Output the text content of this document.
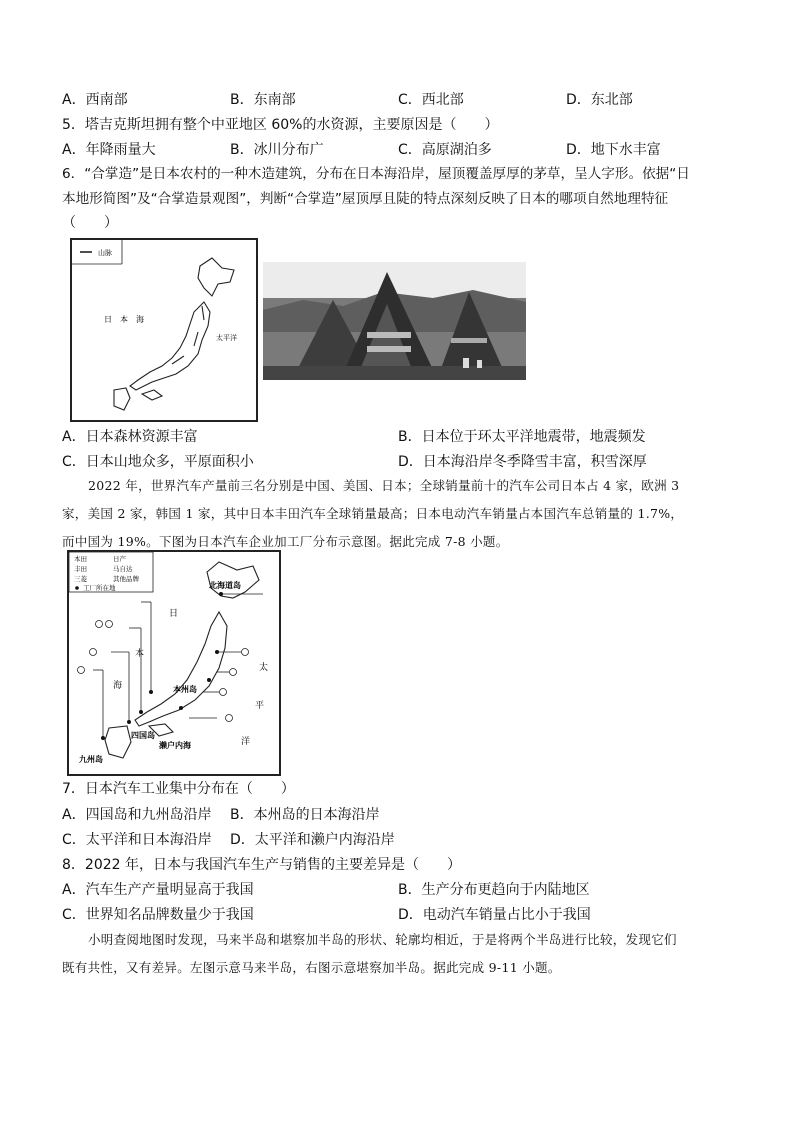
A．西南部	B．东南部	C．西北部	D．东北部
5．塔吉克斯坦拥有整个中亚地区 60%的水资源，主要原因是（　　）
A．年降雨量大	B．冰川分布广	C．高原湖泊多	D．地下水丰富
6．“合掌造”是日本农村的一种木造建筑，分布在日本海沿岸，屋顶覆盖厚厚的茅草，呈人字形。依据“日
本地形简图”及“合掌造景观图”，判断“合掌造”屋顶厚且陡的特点深刻反映了日本的哪项自然地理特征
（　　）
山脉
日　本　海
太平洋
A．日本森林资源丰富	B．日本位于环太平洋地震带，地震频发
C．日本山地众多，平原面积小	D．日本海沿岸冬季降雪丰富，积雪深厚

2022 年，世界汽车产量前三名分别是中国、美国、日本；全球销量前十的汽车公司日本占 4 家，欧洲 3

家，美国 2 家，韩国 1 家，其中日本丰田汽车全球销量最高；日本电动汽车销量占本国汽车总销量的 1.7%，
而中国为 19%。下图为日本汽车企业加工厂分布示意图。据此完成 7-8 小题。
本田	日产
丰田	马自达
三菱	其他品牌
工厂所在地	北海道岛
本州岛
四国岛
九州岛
濑户内海
日
本
海
太
平
洋
7．日本汽车工业集中分布在（　　）
A．四国岛和九州岛沿岸 B．本州岛的日本海沿岸
C．太平洋和日本海沿岸 D．太平洋和濑户内海沿岸
8．2022 年，日本与我国汽车生产与销售的主要差异是（　　）
A．汽车生产产量明显高于我国	B．生产分布更趋向于内陆地区
C．世界知名品牌数量少于我国	D．电动汽车销量占比小于我国

小明查阅地图时发现，马来半岛和堪察加半岛的形状、轮廓均相近，于是将两个半岛进行比较，发现它们

既有共性，又有差异。左图示意马来半岛，右图示意堪察加半岛。据此完成 9-11 小题。
